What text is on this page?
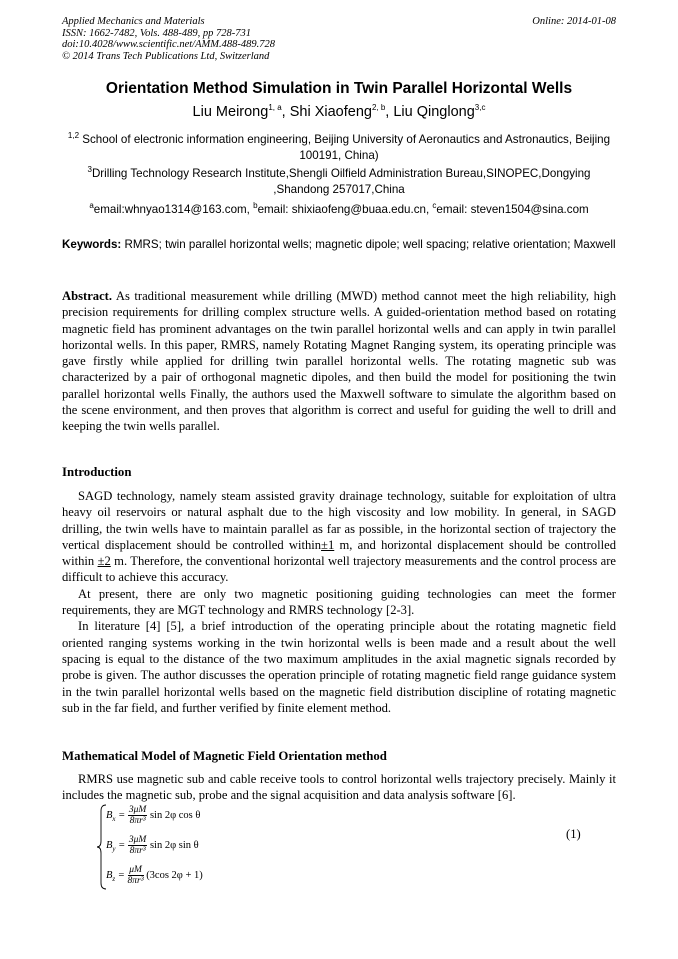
Applied Mechanics and Materials
ISSN: 1662-7482, Vols. 488-489, pp 728-731
doi:10.4028/www.scientific.net/AMM.488-489.728
© 2014 Trans Tech Publications Ltd, Switzerland
Online: 2014-01-08
Orientation Method Simulation in Twin Parallel Horizontal Wells
Liu Meirong$^{1, a}$, Shi Xiaofeng$^{2, b}$, Liu Qinglong$^{3,c}$
$^{1,2}$ School of electronic information engineering, Beijing University of Aeronautics and Astronautics, Beijing 100191, China)
$^3$Drilling Technology Research Institute,Shengli Oilfield Administration Bureau,SINOPEC,Dongying ,Shandong 257017,China
$^a$email:whnyao1314@163.com, $^b$email: shixiaofeng@buaa.edu.cn, $^c$email: steven1504@sina.com
Keywords: RMRS; twin parallel horizontal wells; magnetic dipole; well spacing; relative orientation; Maxwell

Abstract. As traditional measurement while drilling (MWD) method cannot meet the high reliability, high precision requirements for drilling complex structure wells. A guided-orientation method based on rotating magnetic field has prominent advantages on the twin parallel horizontal wells and can apply in twin parallel horizontal wells. In this paper, RMRS, namely Rotating Magnet Ranging system, its operating principle was gave firstly while applied for drilling twin parallel horizontal wells. The rotating magnetic sub was characterized by a pair of orthogonal magnetic dipoles, and then build the model for positioning the twin parallel horizontal wells Finally, the authors used the Maxwell software to simulate the algorithm based on the scene environment, and then proves that algorithm is correct and useful for guiding the well to drill and keeping the twin wells parallel.

Introduction

SAGD technology, namely steam assisted gravity drainage technology, suitable for exploitation of ultra heavy oil reservoirs or natural asphalt due to the high viscosity and low mobility. In general, in SAGD drilling, the twin wells have to maintain parallel as far as possible, in the horizontal section of trajectory the vertical displacement should be controlled within±1 m, and horizontal displacement should be controlled within ±2 m. Therefore, the conventional horizontal well trajectory measurements and the control process are difficult to achieve this accuracy.

At present, there are only two magnetic positioning guiding technologies can meet the former requirements, they are MGT technology and RMRS technology [2-3].

In literature [4] [5], a brief introduction of the operating principle about the rotating magnetic field oriented ranging systems working in the twin horizontal wells is been made and a result about the well spacing is equal to the distance of the two maximum amplitudes in the axial magnetic signals recorded by probe is given. The author discusses the operation principle of rotating magnetic field range guidance system in the twin parallel horizontal wells based on the magnetic field distribution discipline of rotating magnetic sub in the far field, and further verified by finite element method.

Mathematical Model of Magnetic Field Orientation method

RMRS use magnetic sub and cable receive tools to control horizontal wells trajectory precisely. Mainly it includes the magnetic sub, probe and the signal acquisition and data analysis software [6].

$B_x = \frac{3\mu M}{\text{8πr³}}$ sin 2φ cos θ
$B_y = \frac{3\mu M}{\text{8πr³}}$ sin 2φ sin θ
$B_z = \frac{\mu M}{\text{8πr³}} (3\cos$ 2φ + 1)
(1)
